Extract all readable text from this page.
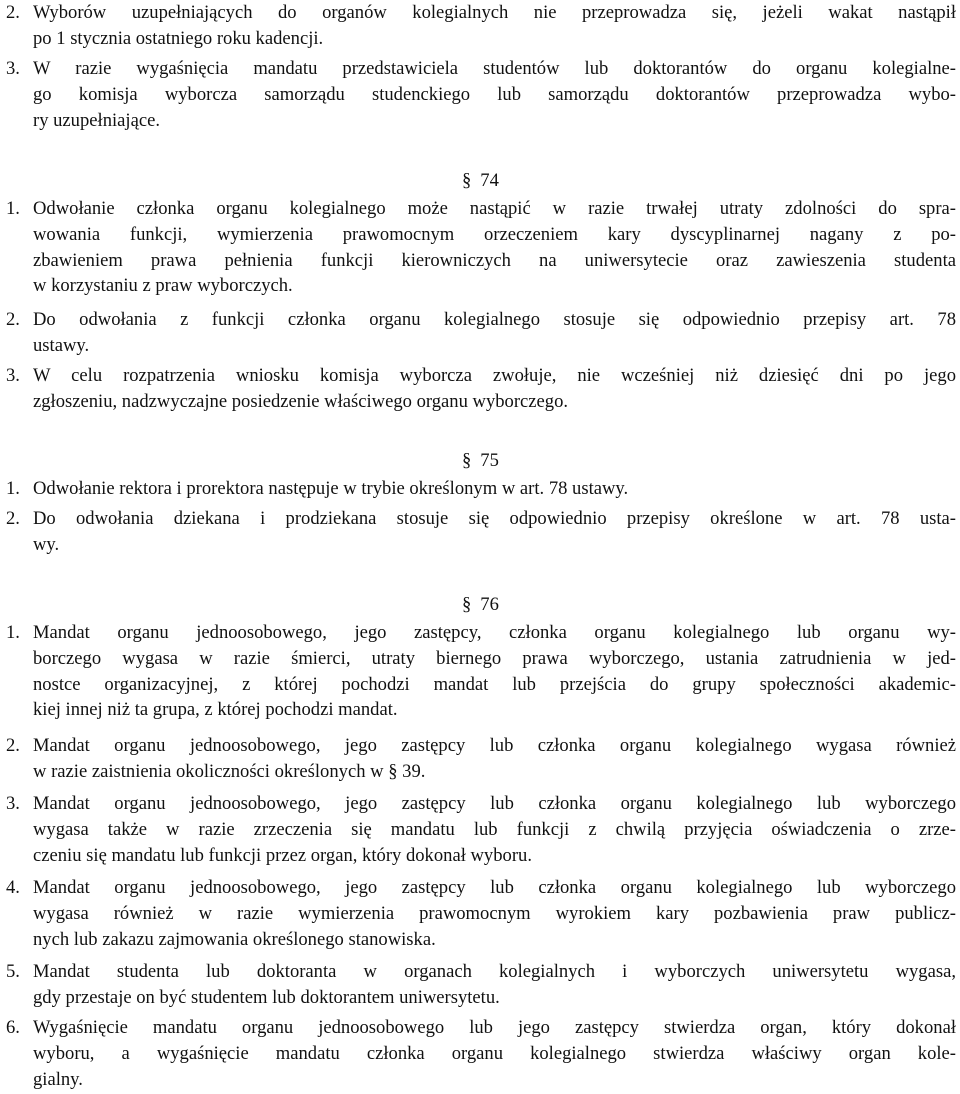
2. Wyborów uzupełniających do organów kolegialnych nie przeprowadza się, jeżeli wakat nastąpił
po 1 stycznia ostatniego roku kadencji.
3. W razie wygaśnięcia mandatu przedstawiciela studentów lub doktorantów do organu kolegialne-
go komisja wyborcza samorządu studenckiego lub samorządu doktorantów przeprowadza wybo-
ry uzupełniające.
§ 74
1. Odwołanie członka organu kolegialnego może nastąpić w razie trwałej utraty zdolności do spra-
wowania funkcji, wymierzenia prawomocnym orzeczeniem kary dyscyplinarnej nagany z po-
zbawieniem prawa pełnienia funkcji kierowniczych na uniwersytecie oraz zawieszenia studenta
w korzystaniu z praw wyborczych.
2. Do odwołania z funkcji członka organu kolegialnego stosuje się odpowiednio przepisy art. 78
ustawy.
3. W celu rozpatrzenia wniosku komisja wyborcza zwołuje, nie wcześniej niż dziesięć dni po jego
zgłoszeniu, nadzwyczajne posiedzenie właściwego organu wyborczego.
§ 75
1. Odwołanie rektora i prorektora następuje w trybie określonym w art. 78 ustawy.
2. Do odwołania dziekana i prodziekana stosuje się odpowiednio przepisy określone w art. 78 usta-
wy.
§ 76
1. Mandat organu jednoosobowego, jego zastępcy, członka organu kolegialnego lub organu wy-
borczego wygasa w razie śmierci, utraty biernego prawa wyborczego, ustania zatrudnienia w jed-
nostce organizacyjnej, z której pochodzi mandat lub przejścia do grupy społeczności akademic-
kiej innej niż ta grupa, z której pochodzi mandat.
2. Mandat organu jednoosobowego, jego zastępcy lub członka organu kolegialnego wygasa również
w razie zaistnienia okoliczności określonych w § 39.
3. Mandat organu jednoosobowego, jego zastępcy lub członka organu kolegialnego lub wyborczego
wygasa także w razie zrzeczenia się mandatu lub funkcji z chwilą przyjęcia oświadczenia o zrze-
czeniu się mandatu lub funkcji przez organ, który dokonał wyboru.
4. Mandat organu jednoosobowego, jego zastępcy lub członka organu kolegialnego lub wyborczego
wygasa również w razie wymierzenia prawomocnym wyrokiem kary pozbawienia praw publicz-
nych lub zakazu zajmowania określonego stanowiska.
5. Mandat studenta lub doktoranta w organach kolegialnych i wyborczych uniwersytetu wygasa,
gdy przestaje on być studentem lub doktorantem uniwersytetu.
6. Wygaśnięcie mandatu organu jednoosobowego lub jego zastępcy stwierdza organ, który dokonał
wyboru, a wygaśnięcie mandatu członka organu kolegialnego stwierdza właściwy organ kole-
gialny.
